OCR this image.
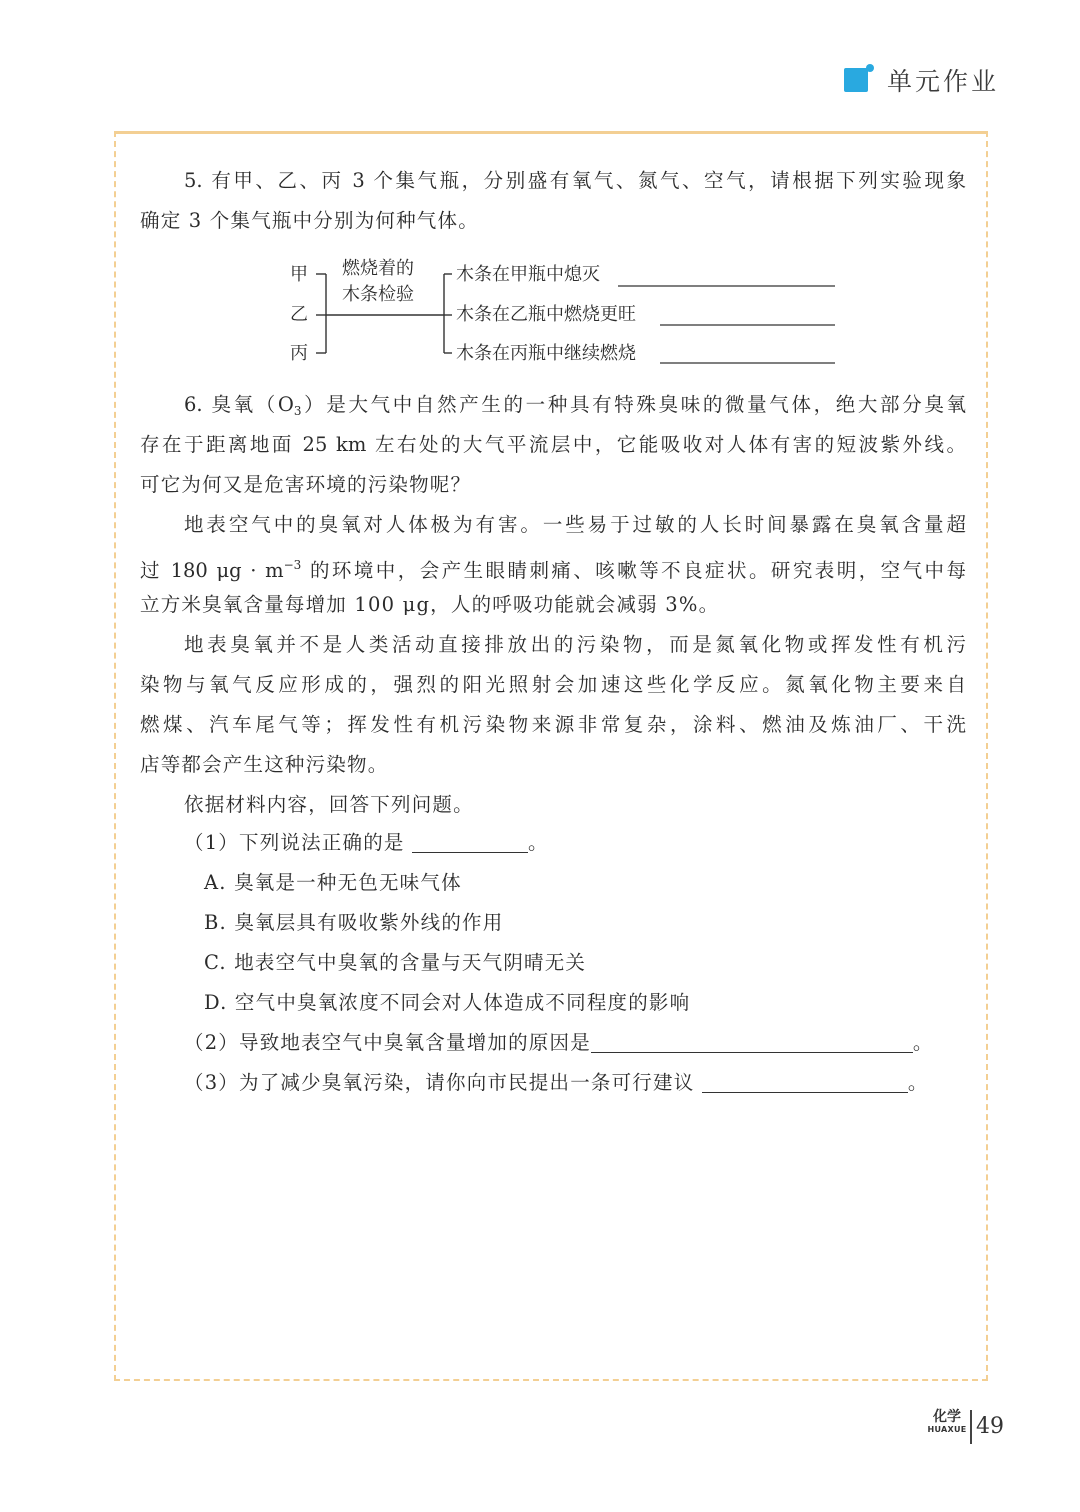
单元作业
5. 有甲、乙、丙 3 个集气瓶，分别盛有氧气、氮气、空气，请根据下列实验现象
确定 3 个集气瓶中分别为何种气体。
甲
乙
丙
燃烧着的
木条检验
木条在甲瓶中熄灭
木条在乙瓶中燃烧更旺
木条在丙瓶中继续燃烧
6. 臭氧$(O_3)$是大气中自然产生的一种具有特殊臭味的微量气体，绝大部分臭氧
存在于距离地面 25 km 左右处的大气平流层中，它能吸收对人体有害的短波紫外线。
可它为何又是危害环境的污染物呢？
地表空气中的臭氧对人体极为有害。一些易于过敏的人长时间暴露在臭氧含量超
过 180 $\mu g \cdot m^{-3}$ 的环境中，会产生眼睛刺痛、咳嗽等不良症状。研究表明，空气中每
立方米臭氧含量每增加 100 μg，人的呼吸功能就会减弱 3%。
地表臭氧并不是人类活动直接排放出的污染物，而是氮氧化物或挥发性有机污
染物与氧气反应形成的，强烈的阳光照射会加速这些化学反应。氮氧化物主要来自
燃煤、汽车尾气等；挥发性有机污染物来源非常复杂，涂料、燃油及炼油厂、干洗
店等都会产生这种污染物。
依据材料内容，回答下列问题。
（1）下列说法正确的是	。
A. 臭氧是一种无色无味气体
B. 臭氧层具有吸收紫外线的作用
C. 地表空气中臭氧的含量与天气阴晴无关
D. 空气中臭氧浓度不同会对人体造成不同程度的影响
（2）导致地表空气中臭氧含量增加的原因是	。
（3）为了减少臭氧污染，请你向市民提出一条可行建议	。
化学
HUAXUE 49
